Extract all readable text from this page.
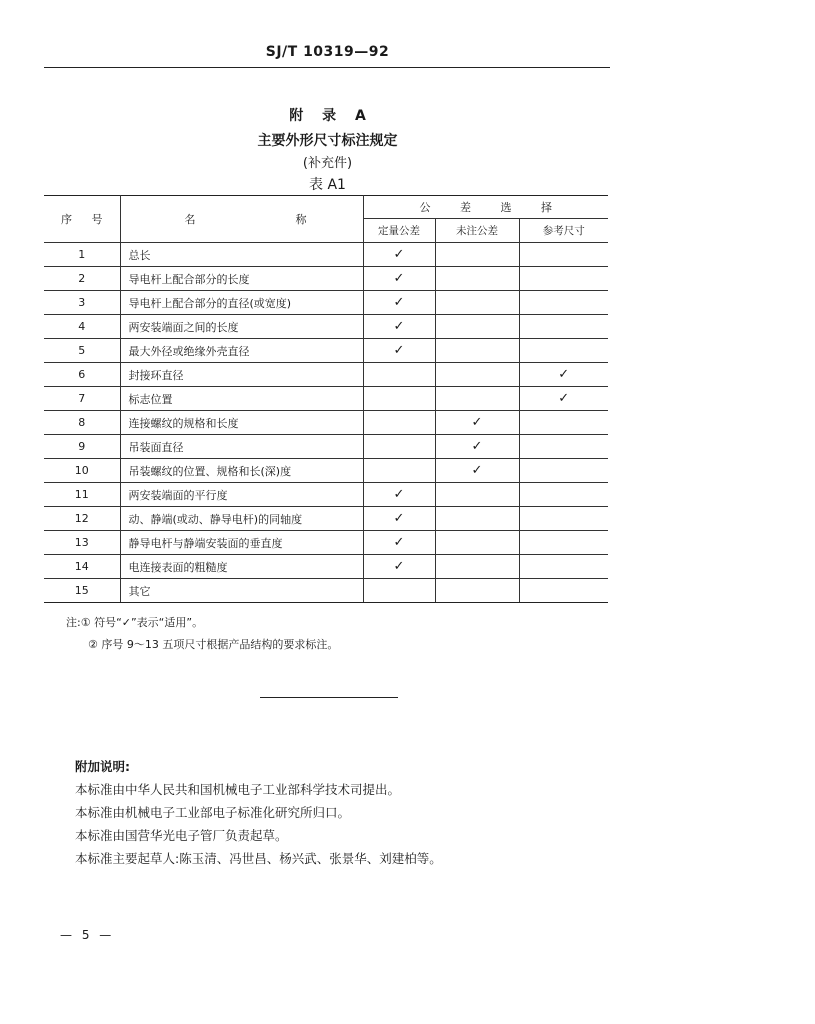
SJ/T 10319—92
附 录 A
主要外形尺寸标注规定
(补充件)
表 A1
序 号	名 称	公 差 选 择		
		定量公差	未注公差	参考尺寸
1	总长	✓		
2	导电杆上配合部分的长度	✓		
3	导电杆上配合部分的直径(或宽度)	✓		
4	两安装端面之间的长度	✓		
5	最大外径或绝缘外壳直径	✓		
6	封接环直径			✓
7	标志位置			✓
8	连接螺纹的规格和长度		✓	
9	吊装面直径		✓	
10	吊装螺纹的位置、规格和长(深)度		✓	
11	两安装端面的平行度	✓		
12	动、静端(或动、静导电杆)的同轴度	✓		
13	静导电杆与静端安装面的垂直度	✓		
14	电连接表面的粗糙度	✓		
15	其它			
注:① 符号“✓”表示“适用”。
② 序号 9～13 五项尺寸根据产品结构的要求标注。
附加说明:
本标准由中华人民共和国机械电子工业部科学技术司提出。
本标准由机械电子工业部电子标准化研究所归口。
本标准由国营华光电子管厂负责起草。
本标准主要起草人:陈玉清、冯世昌、杨兴武、张景华、刘建柏等。
— 5 —
